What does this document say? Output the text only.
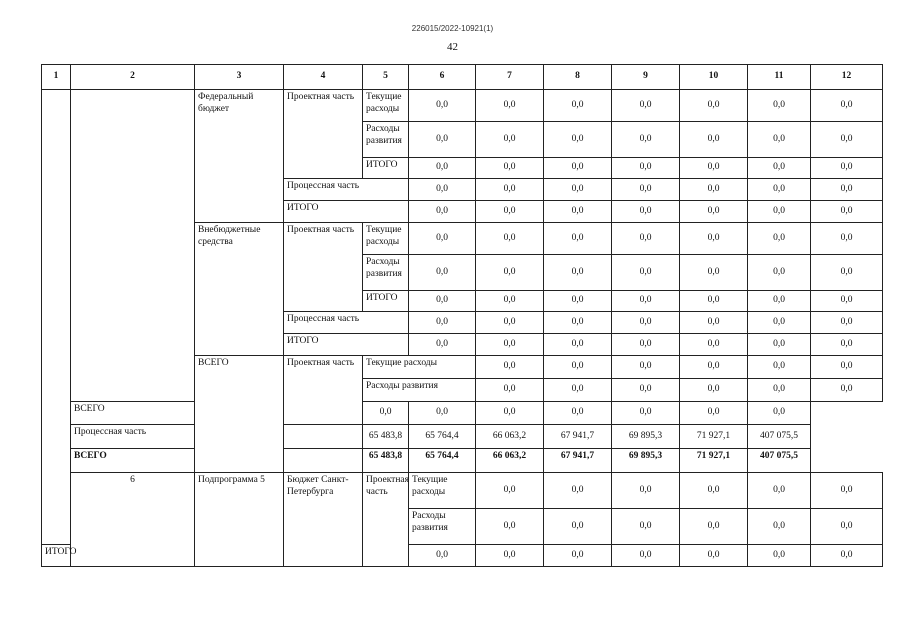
226015/2022-10921(1)
42
1	2	3	4	5	6	7	8	9	10	11	12	
		Федеральный бюджет	Проектная часть	Текущие расходы	0,0	0,0	0,0	0,0	0,0	0,0	0,0	
				Расходы развития	0,0	0,0	0,0	0,0	0,0	0,0	0,0	
				ИТОГО	0,0	0,0	0,0	0,0	0,0	0,0	0,0	
			Процессная часть		0,0	0,0	0,0	0,0	0,0	0,0	0,0	
			ИТОГО		0,0	0,0	0,0	0,0	0,0	0,0	0,0	
		Внебюджетные средства	Проектная часть	Текущие расходы	0,0	0,0	0,0	0,0	0,0	0,0	0,0	
				Расходы развития	0,0	0,0	0,0	0,0	0,0	0,0	0,0	
				ИТОГО	0,0	0,0	0,0	0,0	0,0	0,0	0,0	
			Процессная часть		0,0	0,0	0,0	0,0	0,0	0,0	0,0	
			ИТОГО		0,0	0,0	0,0	0,0	0,0	0,0	0,0	
		ВСЕГО	Проектная часть	Текущие расходы		0,0	0,0	0,0	0,0	0,0	0,0	
				Расходы развития		0,0	0,0	0,0	0,0	0,0	0,0	
	ВСЕГО			0,0	0,0	0,0	0,0	0,0	0,0	0,0		
	Процессная часть			65 483,8	65 764,4	66 063,2	67 941,7	69 895,3	71 927,1	407 075,5		
	ВСЕГО			65 483,8	65 764,4	66 063,2	67 941,7	69 895,3	71 927,1	407 075,5		
	6	Подпрограмма 5	Бюджет Санкт-Петербурга	Проектная часть	Текущие расходы	0,0	0,0	0,0	0,0	0,0	0,0	
					Расходы развития	0,0	0,0	0,0	0,0	0,0	0,0	
ИТОГО					0,0	0,0	0,0	0,0	0,0	0,0	0,0	
